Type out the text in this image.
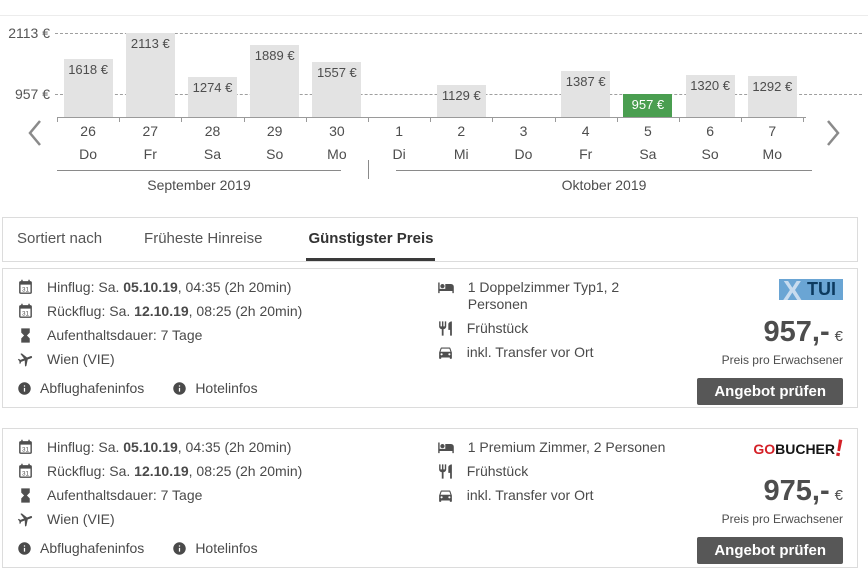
2113 €
957 €
1618 €
2113 €
1274 €
1889 €
1557 €
1129 €
1387 €
957 €
1320 €	1292 €
26
Do
27
Fr
28
Sa
29
So
30
Mo
1
Di
2
Mi
3
Do
4
Fr
5
Sa
6
So
7
Mo
September 2019	Oktober 2019
Sortiert nach	Früheste Hinreise	Günstigster Preis
31 Hinflug: Sa. 05.10.19, 04:35 (2h 20min)
31 Rückflug: Sa. 12.10.19, 08:25 (2h 20min)
Aufenthaltsdauer: 7 Tage
Wien (VIE)
Abflughafeninfos	Hotelinfos
1 Doppelzimmer Typ1, 2 Personen
Frühstück
inkl. Transfer vor Ort
X TUI
957,- €
Preis pro Erwachsener
Angebot prüfen
31 Hinflug: Sa. 05.10.19, 04:35 (2h 20min)
31 Rückflug: Sa. 12.10.19, 08:25 (2h 20min)
Aufenthaltsdauer: 7 Tage
Wien (VIE)
Abflughafeninfos	Hotelinfos
1 Premium Zimmer, 2 Personen
Frühstück
inkl. Transfer vor Ort
GO BUCHER
!
975,- €
Preis pro Erwachsener
Angebot prüfen
